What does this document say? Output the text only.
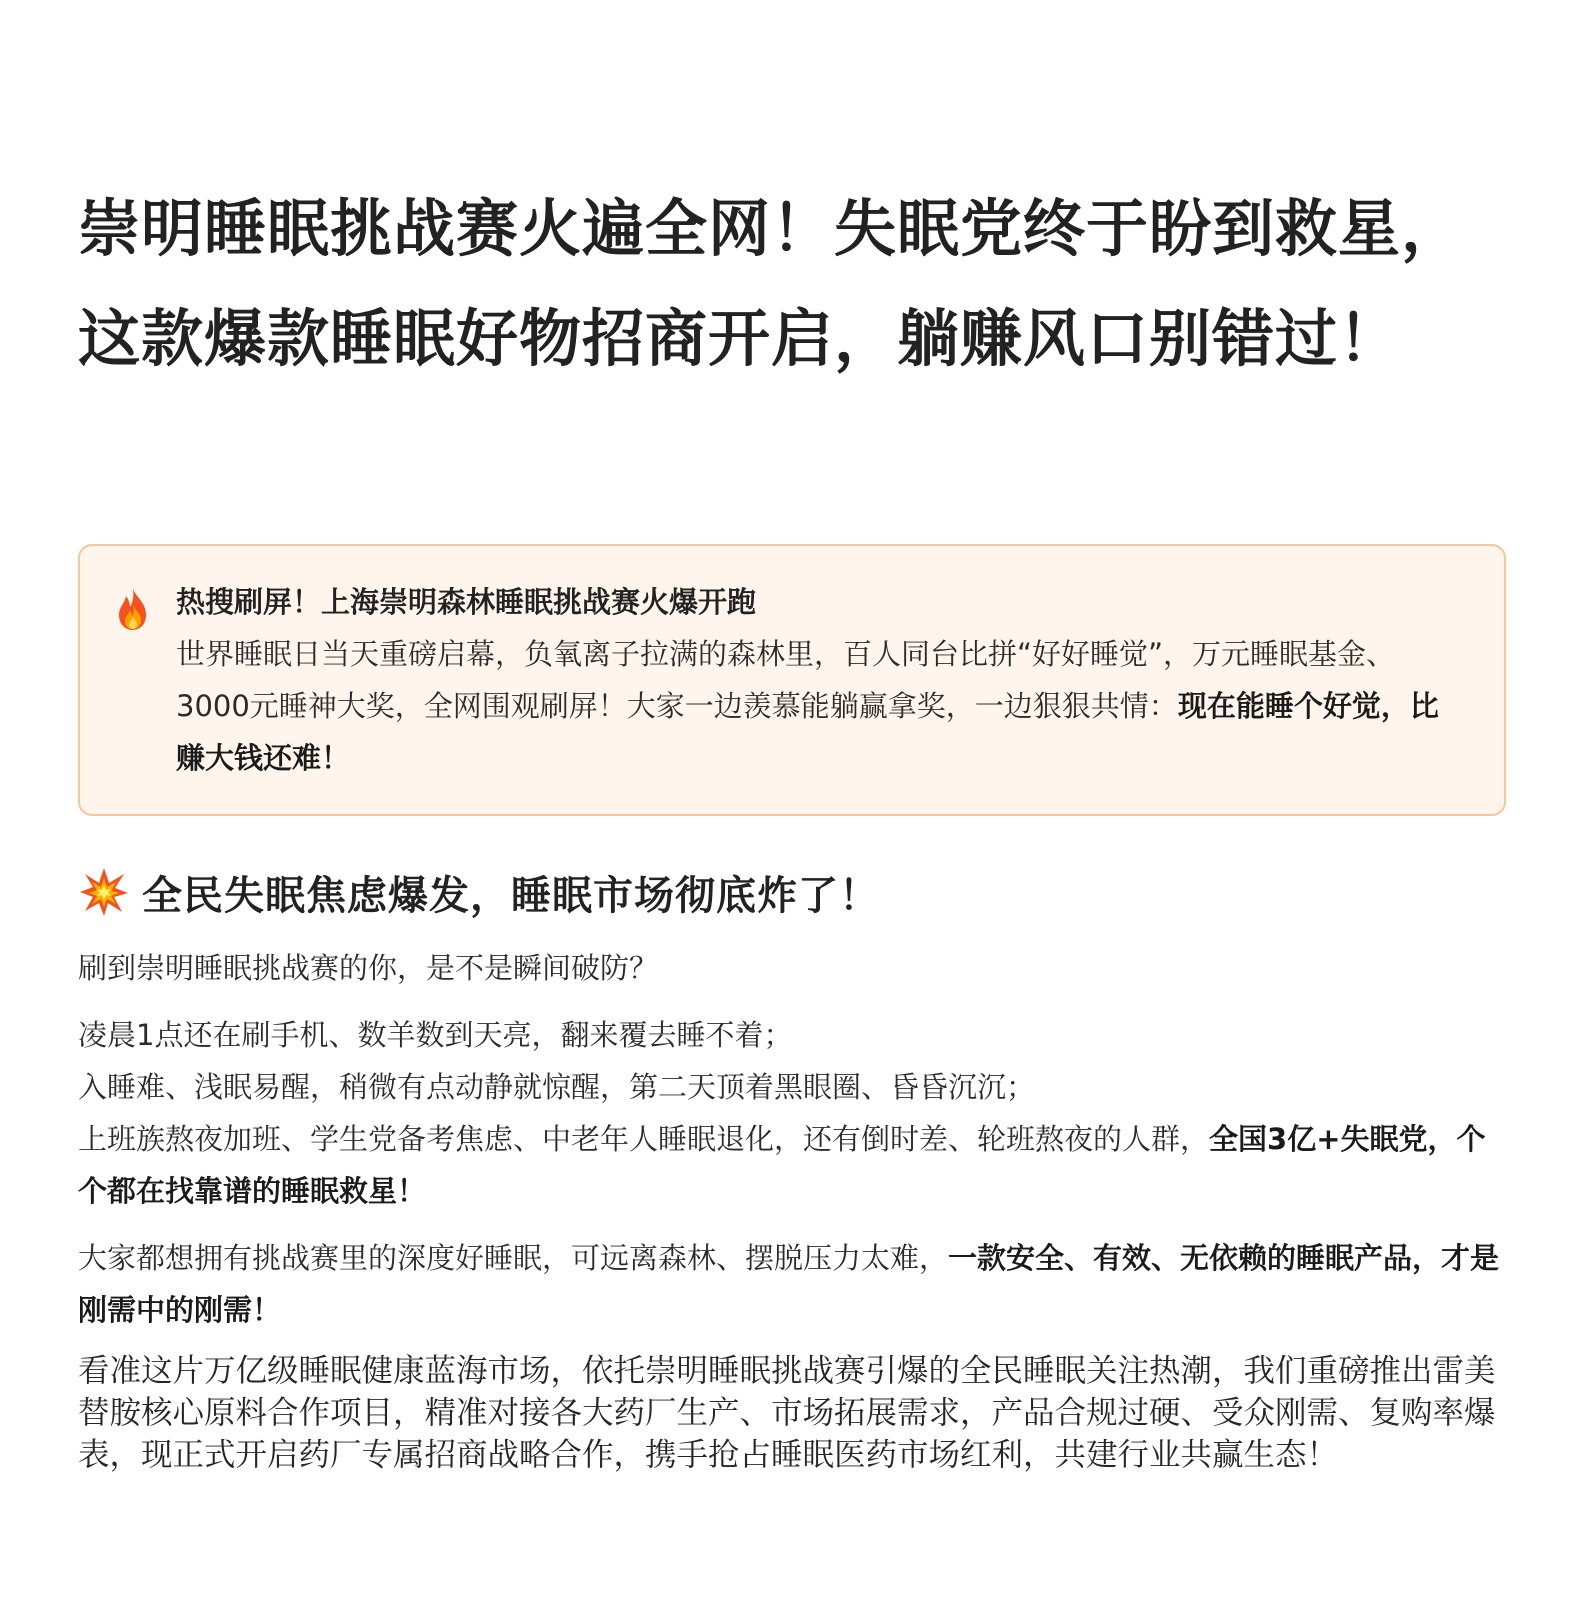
崇明睡眠挑战赛火遍全网！失眠党终于盼到救星，这款爆款睡眠好物招商开启，躺赚风口别错过！

热搜刷屏！上海崇明森林睡眠挑战赛火爆开跑

世界睡眠日当天重磅启幕，负氧离子拉满的森林里，百人同台比拼“好好睡觉”，万元睡眠基金、3000元睡神大奖，全网围观刷屏！大家一边羡慕能躺赢拿奖，一边狠狠共情：现在能睡个好觉，比赚大钱还难！

全民失眠焦虑爆发，睡眠市场彻底炸了！

刷到崇明睡眠挑战赛的你，是不是瞬间破防？

凌晨1点还在刷手机、数羊数到天亮，翻来覆去睡不着；
入睡难、浅眠易醒，稍微有点动静就惊醒，第二天顶着黑眼圈、昏昏沉沉；
上班族熬夜加班、学生党备考焦虑、中老年人睡眠退化，还有倒时差、轮班熬夜的人群，全国3亿+失眠党，个个都在找靠谱的睡眠救星！

大家都想拥有挑战赛里的深度好睡眠，可远离森林、摆脱压力太难，一款安全、有效、无依赖的睡眠产品，才是刚需中的刚需！

看准这片万亿级睡眠健康蓝海市场，依托崇明睡眠挑战赛引爆的全民睡眠关注热潮，我们重磅推出雷美替胺核心原料合作项目，精准对接各大药厂生产、市场拓展需求，产品合规过硬、受众刚需、复购率爆表，现正式开启药厂专属招商战略合作，携手抢占睡眠医药市场红利，共建行业共赢生态！
